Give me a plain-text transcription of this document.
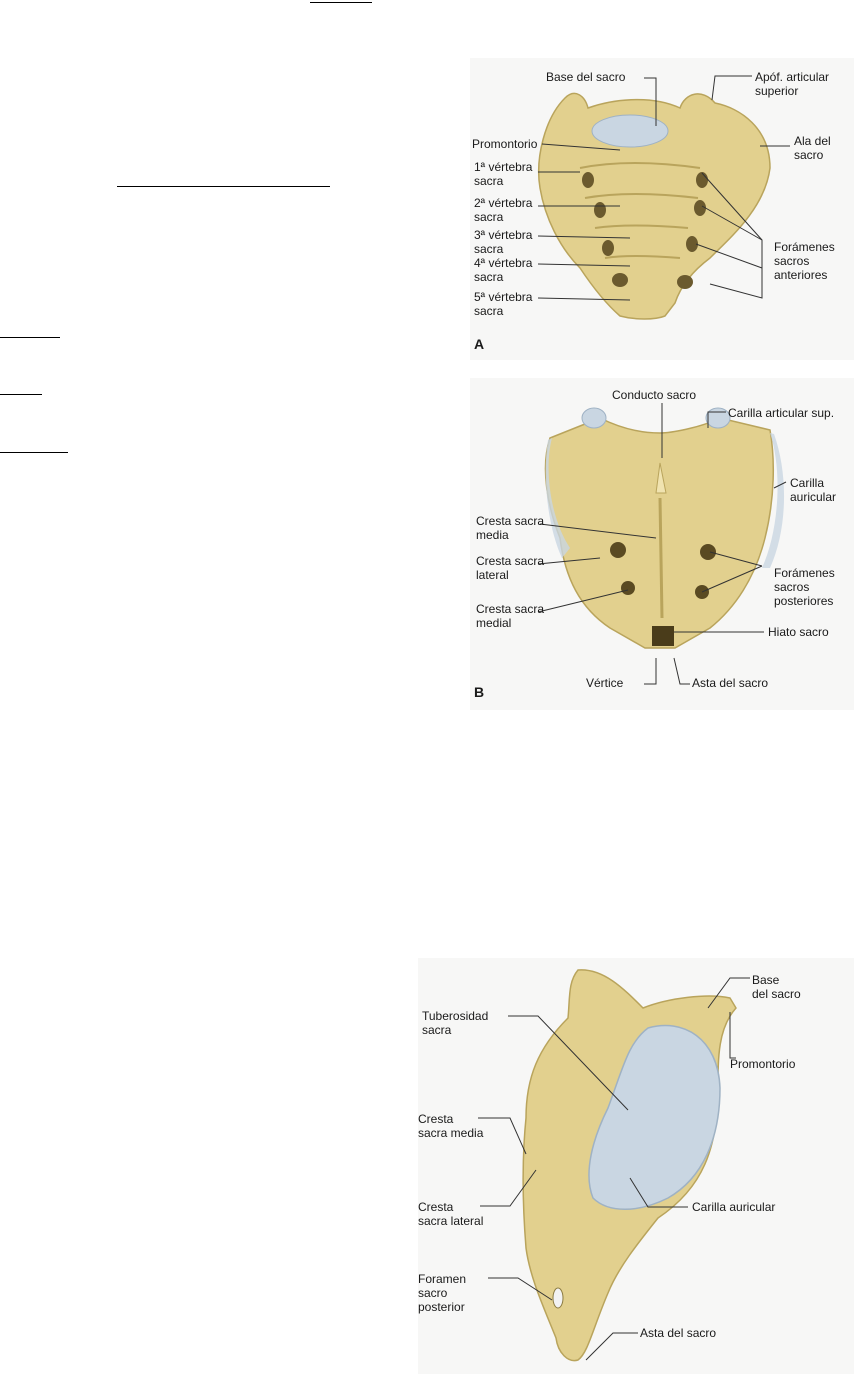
Base del sacro	Apóf. articular
superior
Promontorio	Ala del
sacro
1ª vértebra
sacra
2ª vértebra
sacra
3ª vértebra
sacra
4ª vértebra
sacra
5ª vértebra
sacra
Forámenes
sacros
anteriores
A
Conducto sacro
Carilla articular sup.
Carilla
auricular
Cresta sacra
media
Cresta sacra
lateral	Forámenes
sacros
posteriores
Cresta sacra
medial
Hiato sacro
Vértice	Asta del sacro
B
Base
del sacro
Tuberosidad
sacra
Promontorio
Cresta
sacra media
Cresta
sacra lateral
Carilla auricular
Foramen
sacro
posterior
Asta del sacro
